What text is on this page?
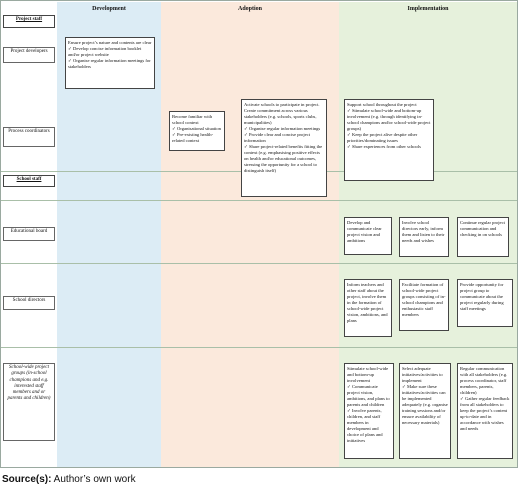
Development	Adoption	Implementation
Project staff
Project developers
Process coordinators
School staff
Educational board
School directors
School-wide project groups (in-school champions and e.g. interested staff members and or parents and children)
Ensure project’s nature and contents are clear
✓ Develop concise information booklet and/or project website
✓ Organise regular information meetings for stakeholders
Become familiar with school context
✓ Organisational situation
✓ Pre-existing health-related context
Activate schools to participate in project. Create commitment across various stakeholders (e.g. schools, sports clubs, municipalities)
✓ Organise regular information meetings
✓ Provide clear and concise project information
✓ Share project-related benefits fitting the context (e.g. emphasising positive effects on health and/or educational outcomes, stressing the opportunity for a school to distinguish itself)
Support school throughout the project
✓ Stimulate school-wide and bottom-up involvement (e.g. through identifying in-school champions and/or school-wide project groups)
✓ Keep the project alive despite other priorities/dominating issues
✓ Share experiences from other schools
Develop and communicate clear project vision and ambitions
Involve school directors early, inform them and listen to their needs and wishes
Continue regular project communication and checking in on schools
Inform teachers and other staff about the project, involve them in the formation of school-wide project vision, ambitions, and plans
Facilitate formation of school-wide project groups consisting of in-school champions and enthusiastic staff members
Provide opportunity for project group to communicate about the project regularly during staff meetings
Stimulate school-wide and bottom-up involvement
✓ Communicate project vision, ambitions, and plans to parents and children
✓ Involve parents, children, and staff members in development and choice of plans and initiatives
Select adequate initiatives/activities to implement
✓ Make sure these initiatives/activities can be implemented adequately (e.g. organise training sessions and/or ensure availability of necessary materials)
Regular communication with all stakeholders (e.g. process coordinator, staff members, parents, children)
✓ Gather regular feedback from all stakeholders to keep the project’s content up-to-date and in accordance with wishes and needs
Source(s): Author’s own work
